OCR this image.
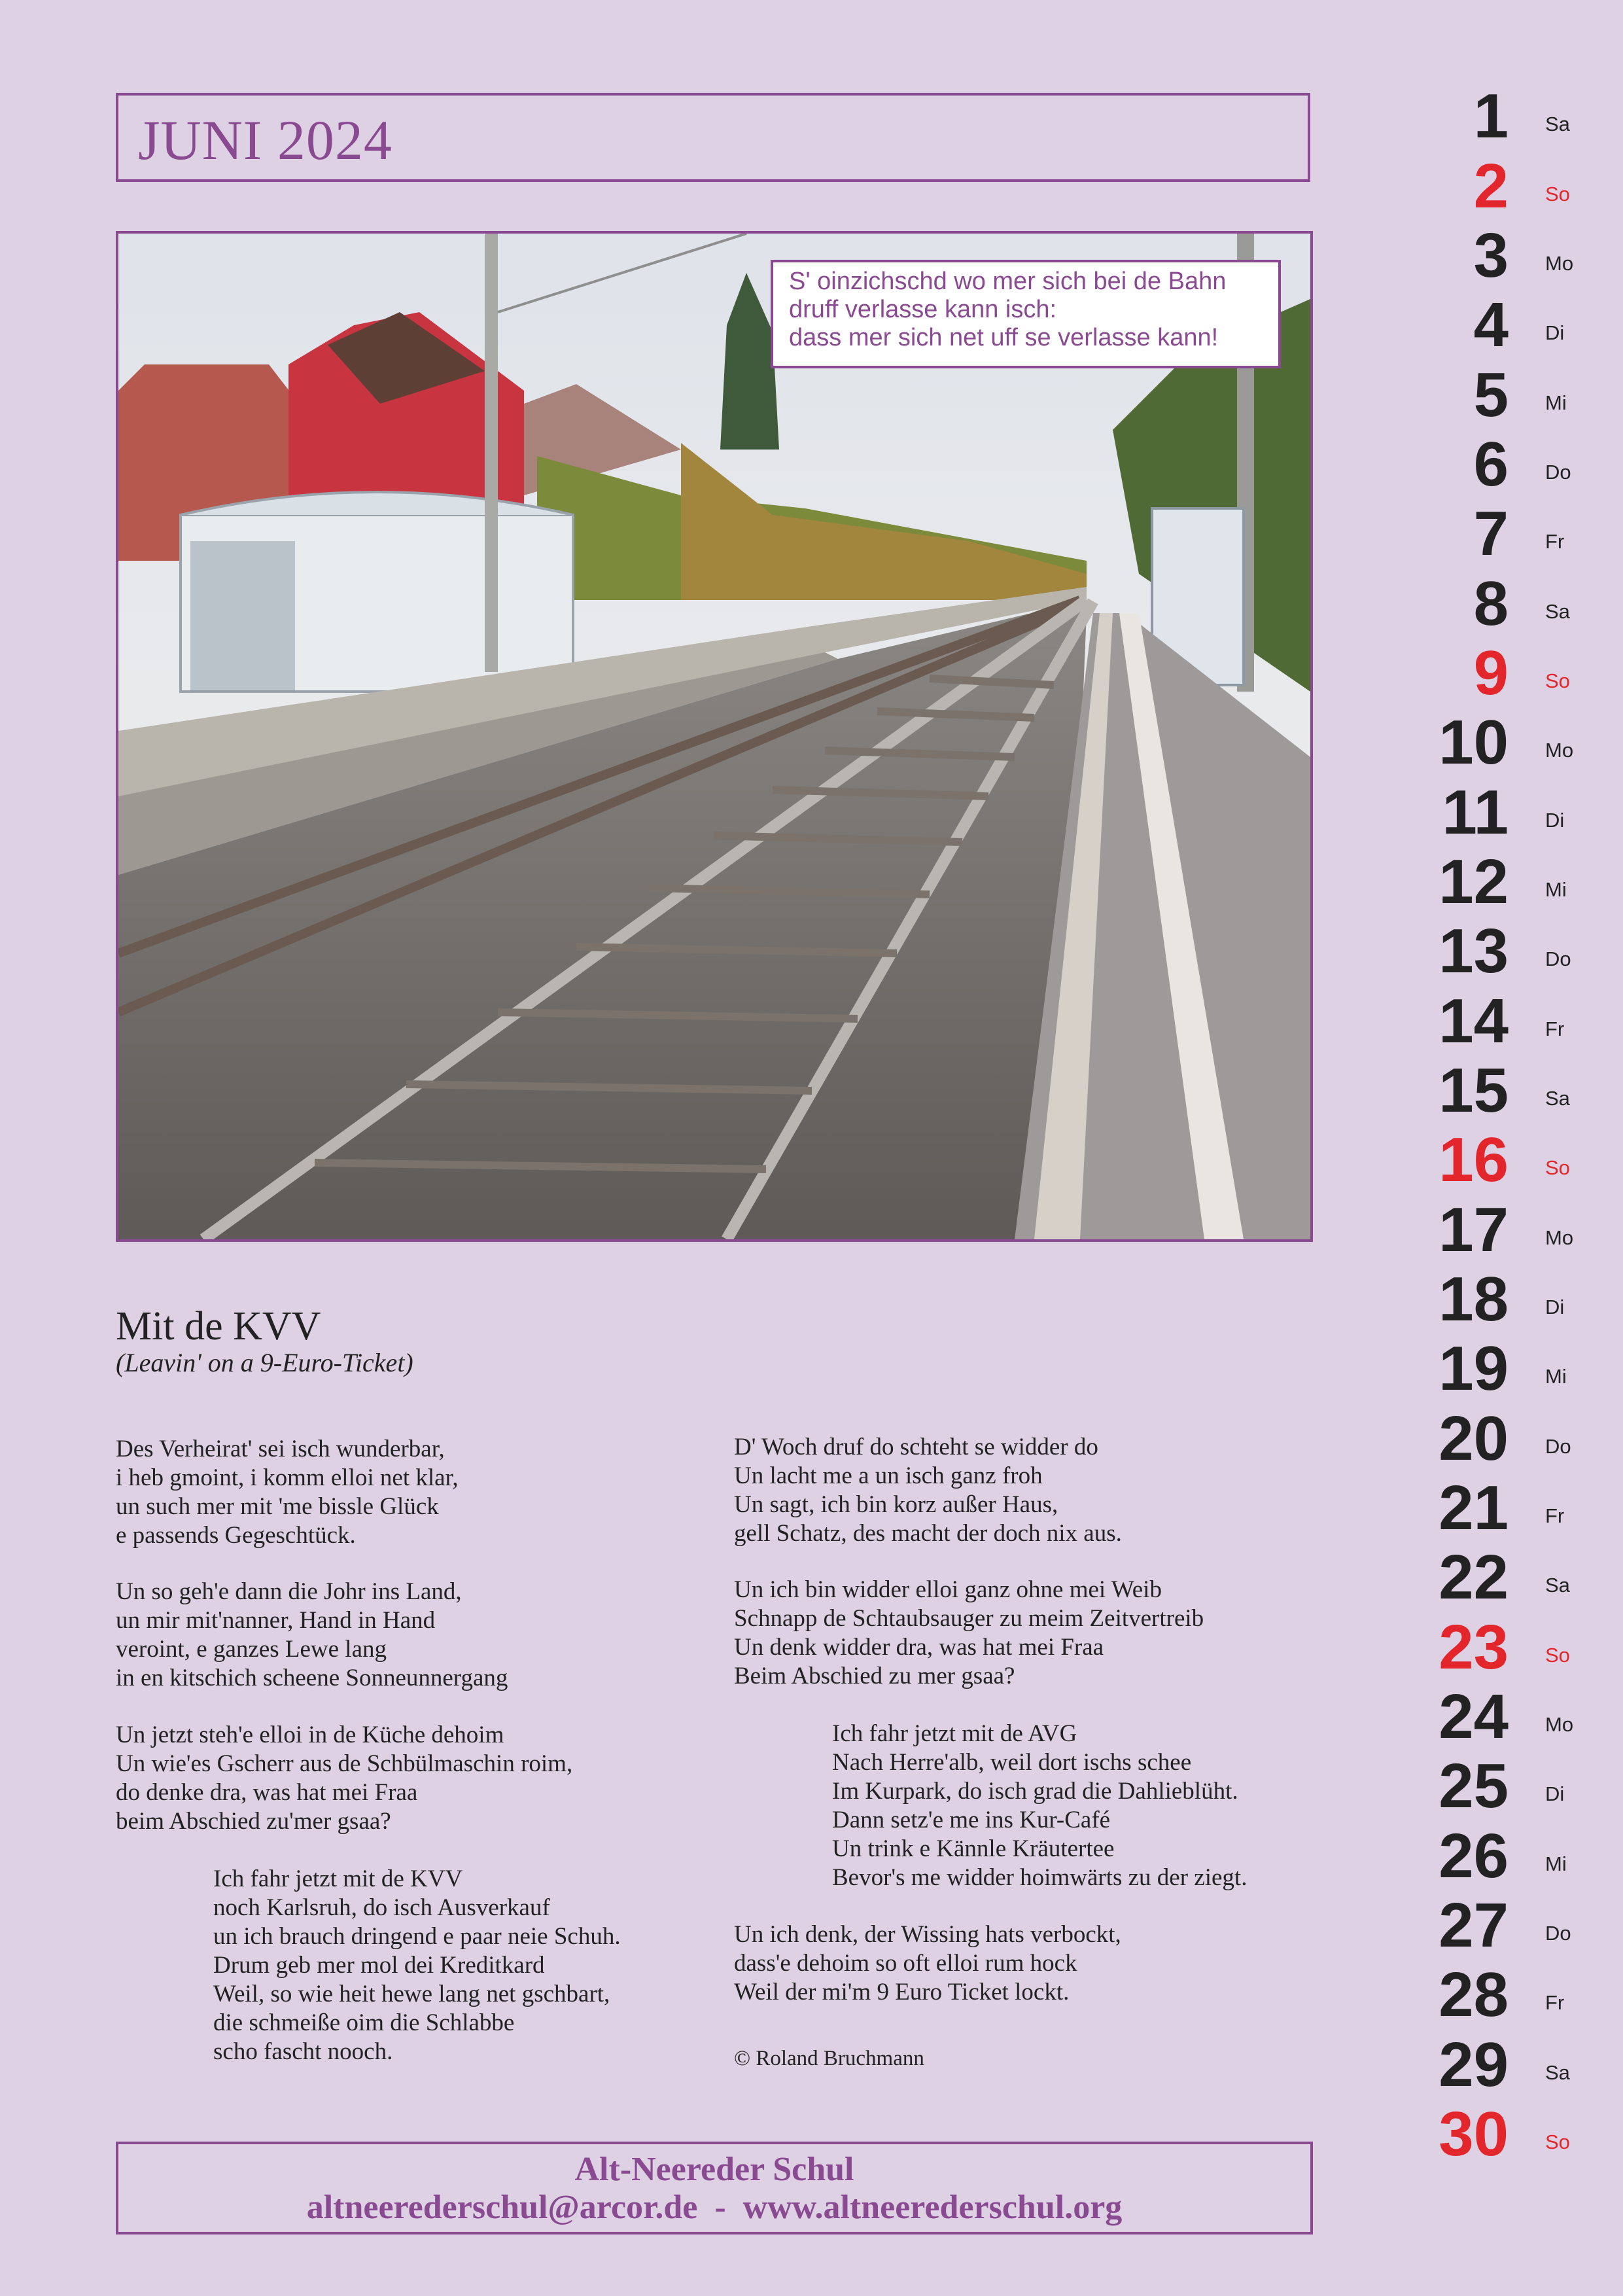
JUNI 2024
S' oinzichschd wo mer sich bei de Bahn
druff verlasse kann isch:
dass mer sich net uff se verlasse kann!
Mit de KVV
(Leavin' on a 9-Euro-Ticket)
Des Verheirat' sei isch wunderbar,
i heb gmoint, i komm elloi net klar,
un such mer mit 'me bissle Glück
e passends Gegeschtück.
Un so geh'e dann die Johr ins Land,
un mir mit'nanner, Hand in Hand
veroint, e ganzes Lewe lang
in en kitschich scheene Sonneunnergang
Un jetzt steh'e elloi in de Küche dehoim
Un wie'es Gscherr aus de Schbülmaschin roim,
do denke dra, was hat mei Fraa
beim Abschied zu'mer gsaa?
Ich fahr jetzt mit de KVV
noch Karlsruh, do isch Ausverkauf
un ich brauch dringend e paar neie Schuh.
Drum geb mer mol dei Kreditkard
Weil, so wie heit hewe lang net gschbart,
die schmeiße oim die Schlabbe
scho fascht nooch.
D' Woch druf do schteht se widder do
Un lacht me a un isch ganz froh
Un sagt, ich bin korz außer Haus,
gell Schatz, des macht der doch nix aus.
Un ich bin widder elloi ganz ohne mei Weib
Schnapp de Schtaubsauger zu meim Zeitvertreib
Un denk widder dra, was hat mei Fraa
Beim Abschied zu mer gsaa?
Ich fahr jetzt mit de AVG
Nach Herre'alb, weil dort ischs schee
Im Kurpark, do isch grad die Dahlieblüht.
Dann setz'e me ins Kur-Café
Un trink e Kännle Kräutertee
Bevor's me widder hoimwärts zu der ziegt.
Un ich denk, der Wissing hats verbockt,
dass'e dehoim so oft elloi rum hock
Weil der mi'm 9 Euro Ticket lockt.
© Roland Bruchmann
Alt-Neereder Schul
altneerederschul@arcor.de - www.altneerederschul.org
1 Sa
2 So
3 Mo
4 Di
5 Mi
6 Do
7 Fr
8 Sa
9 So
10 Mo
11 Di
12 Mi
13 Do
14 Fr
15 Sa
16 So
17 Mo
18 Di
19 Mi
20 Do
21 Fr
22 Sa
23 So
24 Mo
25 Di
26 Mi
27 Do
28 Fr
29 Sa
30 So
